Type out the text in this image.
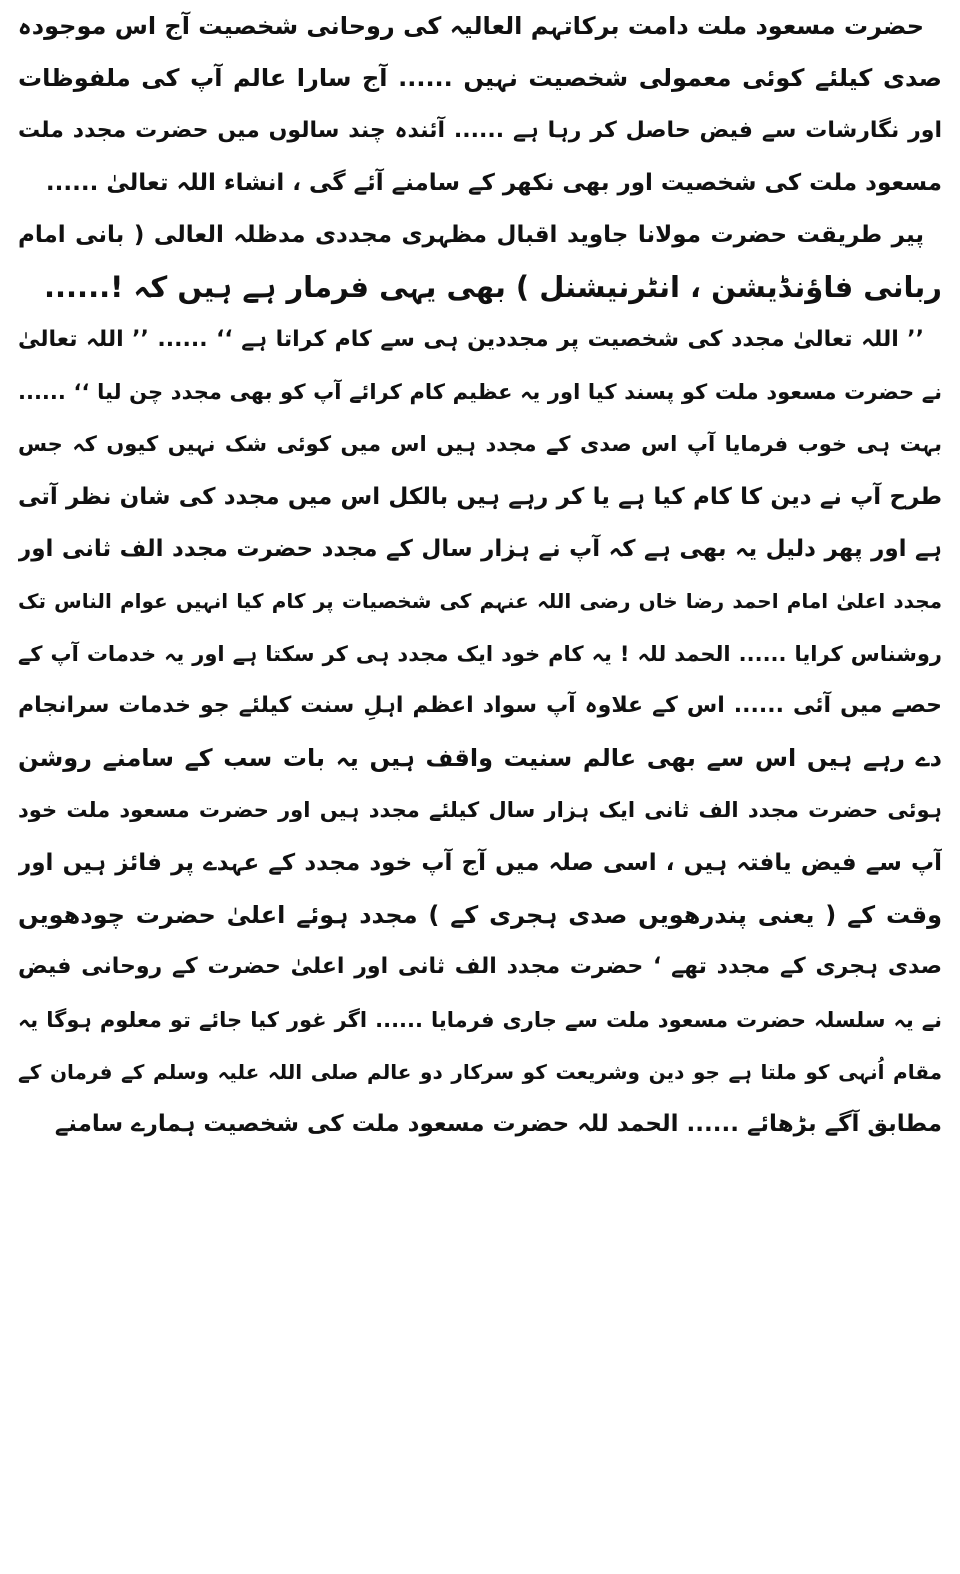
حضرت مسعود ملت دامت برکاتہم العالیہ کی روحانی شخصیت آج اس موجودہ
صدی کیلئے کوئی معمولی شخصیت نہیں ...... آج سارا عالم آپ کی ملفوظات
اور نگارشات سے فیض حاصل کر رہا ہے ...... آئندہ چند سالوں میں حضرت مجدد ملت
مسعود ملت کی شخصیت اور بھی نکھر کے سامنے آئے گی ، انشاء اللہ تعالیٰ ......
پیر طریقت حضرت مولانا جاوید اقبال مظہری مجددی مدظلہ العالی ( بانی امام
ربانی فاؤنڈیشن ، انٹرنیشنل ) بھی یہی فرمار ہے ہیں کہ !......
’’ اللہ تعالیٰ مجدد کی شخصیت پر مجددین ہی سے کام کراتا ہے ‘‘ ...... ’’ اللہ تعالیٰ
نے حضرت مسعود ملت کو پسند کیا اور یہ عظیم کام کرائے آپ کو بھی مجدد چن لیا ‘‘ ......
بہت ہی خوب فرمایا آپ اس صدی کے مجدد ہیں اس میں کوئی شک نہیں کیوں کہ جس
طرح آپ نے دین کا کام کیا ہے یا کر رہے ہیں بالکل اس میں مجدد کی شان نظر آتی
ہے اور پھر دلیل یہ بھی ہے کہ آپ نے ہزار سال کے مجدد حضرت مجدد الف ثانی اور
مجدد اعلیٰ امام احمد رضا خاں رضی اللہ عنہم کی شخصیات پر کام کیا انہیں عوام الناس تک
روشناس کرایا ...... الحمد للہ ! یہ کام خود ایک مجدد ہی کر سکتا ہے اور یہ خدمات آپ کے
حصے میں آئی ...... اس کے علاوہ آپ سواد اعظم اہلِ سنت کیلئے جو خدمات سرانجام
دے رہے ہیں اس سے بھی عالم سنیت واقف ہیں یہ بات سب کے سامنے روشن
ہوئی حضرت مجدد الف ثانی ایک ہزار سال کیلئے مجدد ہیں اور حضرت مسعود ملت خود
آپ سے فیض یافتہ ہیں ، اسی صلہ میں آج آپ خود مجدد کے عہدے پر فائز ہیں اور
وقت کے ( یعنی پندرھویں صدی ہجری کے ) مجدد ہوئے اعلیٰ حضرت چودھویں
صدی ہجری کے مجدد تھے ‘ حضرت مجدد الف ثانی اور اعلیٰ حضرت کے روحانی فیض
نے یہ سلسلہ حضرت مسعود ملت سے جاری فرمایا ...... اگر غور کیا جائے تو معلوم ہوگا یہ
مقام اُنہی کو ملتا ہے جو دین وشریعت کو سرکار دو عالم صلی اللہ علیہ وسلم کے فرمان کے
مطابق آگے بڑھائے ...... الحمد للہ حضرت مسعود ملت کی شخصیت ہمارے سامنے
